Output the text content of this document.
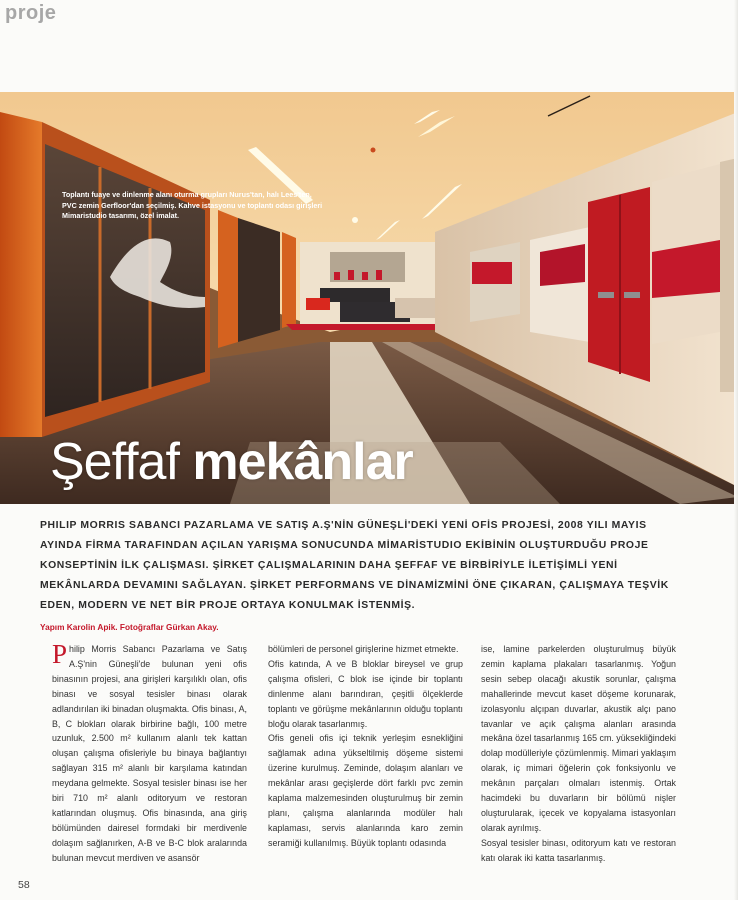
proje
Toplantı fuaye ve dinlenme alanı oturma grupları Nurus'tan, halı Lees'ten, PVC zemin Gerfloor'dan seçilmiş. Kahve istasyonu ve toplantı odası girişleri Mimaristudio tasarımı, özel imalat.
Şeffaf mekânlar
PHILIP MORRIS SABANCI PAZARLAMA VE SATIŞ A.Ş'NİN GÜNEŞLİ'DEKİ YENİ OFİS PROJESİ, 2008 YILI MAYIS AYINDA FİRMA TARAFINDAN AÇILAN YARIŞMA SONUCUNDA MİMARİSTUDIO EKİBİNİN OLUŞTURDUĞU PROJE KONSEPTİNİN İLK ÇALIŞMASI. ŞİRKET ÇALIŞMALARININ DAHA ŞEFFAF VE BİRBİRİYLE İLETİŞİMLİ YENİ MEKÂNLARDA DEVAMINI SAĞLAYAN. ŞİRKET PERFORMANS VE DİNAMİZMİNİ ÖNE ÇIKARAN, ÇALIŞMAYA TEŞVİK EDEN, MODERN VE NET BİR PROJE ORTAYA KONULMAK İSTENMİŞ.
Yapım Karolin Apik. Fotoğraflar Gürkan Akay.

Philip Morris Sabancı Pazarlama ve Satış A.Ş'nin Güneşli'de bulunan yeni ofis binasının projesi, ana girişleri karşılıklı olan, ofis binası ve sosyal tesisler binası olarak adlandırılan iki binadan oluşmakta. Ofis binası, A, B, C blokları olarak birbirine bağlı, 100 metre uzunluk, 2.500 m² kullanım alanlı tek kattan oluşan çalışma ofisleriyle bu binaya bağlantıyı sağlayan 315 m² alanlı bir karşılama katından meydana gelmekte. Sosyal tesisler binası ise her biri 710 m² alanlı oditoryum ve restoran katlarından oluşmuş. Ofis binasında, ana giriş bölümünden dairesel formdaki bir merdivenle dolaşım sağlanırken, A-B ve B-C blok aralarında bulunan mevcut merdiven ve asansör

bölümleri de personel girişlerine hizmet etmekte.

Ofis katında, A ve B bloklar bireysel ve grup çalışma ofisleri, C blok ise içinde bir toplantı dinlenme alanı barındıran, çeşitli ölçeklerde toplantı ve görüşme mekânlarının olduğu toplantı bloğu olarak tasarlanmış.

Ofis geneli ofis içi teknik yerleşim esnekliğini sağlamak adına yükseltilmiş döşeme sistemi üzerine kurulmuş. Zeminde, dolaşım alanları ve mekânlar arası geçişlerde dört farklı pvc zemin kaplama malzemesinden oluşturulmuş bir zemin planı, çalışma alanlarında modüler halı kaplaması, servis alanlarında karo zemin seramiği kullanılmış. Büyük toplantı odasında

ise, lamine parkelerden oluşturulmuş büyük zemin kaplama plakaları tasarlanmış. Yoğun sesin sebep olacağı akustik sorunlar, çalışma mahallerinde mevcut kaset döşeme korunarak, izolasyonlu alçıpan duvarlar, akustik alçı pano tavanlar ve açık çalışma alanları arasında mekâna özel tasarlanmış 165 cm. yüksekliğindeki dolap modülleriyle çözümlenmiş. Mimari yaklaşım olarak, iç mimari öğelerin çok fonksiyonlu ve mekânın parçaları olmaları istenmiş. Ortak hacimdeki bu duvarların bir bölümü nişler oluşturularak, içecek ve kopyalama istasyonları olarak ayrılmış.

Sosyal tesisler binası, oditoryum katı ve restoran katı olarak iki katta tasarlanmış.

58
